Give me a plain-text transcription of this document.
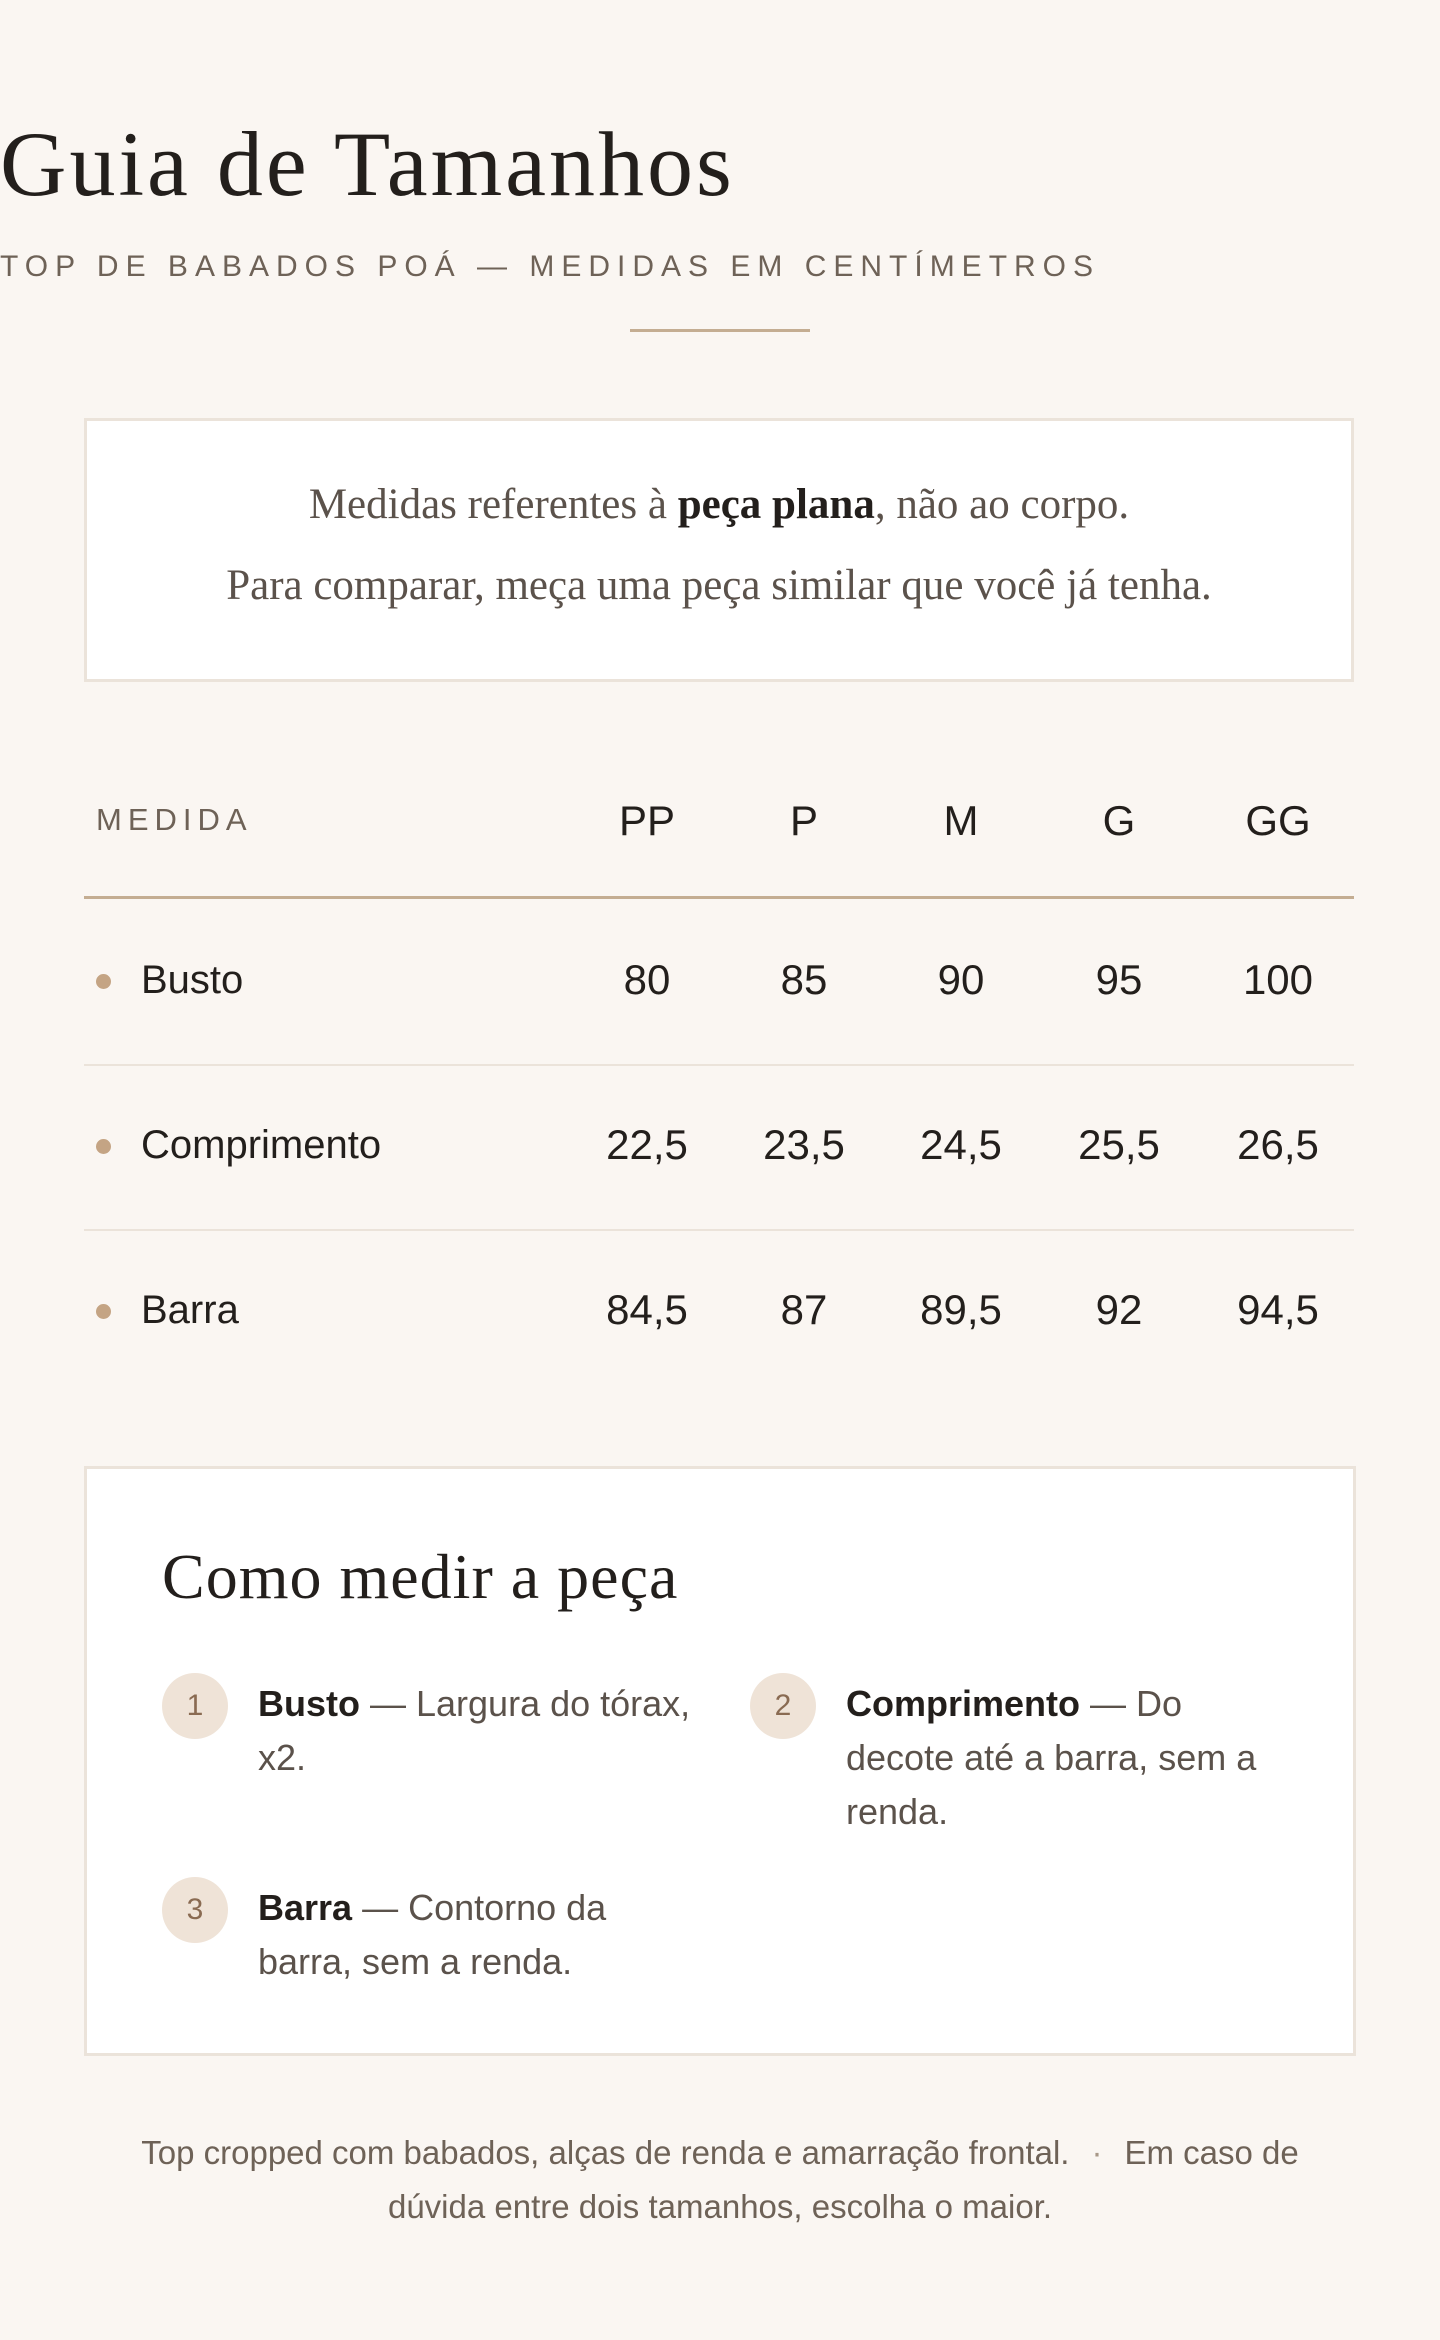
Guia de Tamanhos
TOP DE BABADOS POÁ — MEDIDAS EM CENTÍMETROS
Medidas referentes à peça plana, não ao corpo.
Para comparar, meça uma peça similar que você já tenha.
MEDIDA	PP	P	M	G	GG
Busto	80	85	90	95	100
Comprimento	22,5	23,5	24,5	25,5	26,5
Barra	84,5	87	89,5	92	94,5
Como medir a peça
1	Busto — Largura do tórax, x2.
2	Comprimento — Do decote até a barra, sem a renda.
3	Barra — Contorno da barra, sem a renda.
Top cropped com babados, alças de renda e amarração frontal. · Em caso de dúvida entre dois tamanhos, escolha o maior.
